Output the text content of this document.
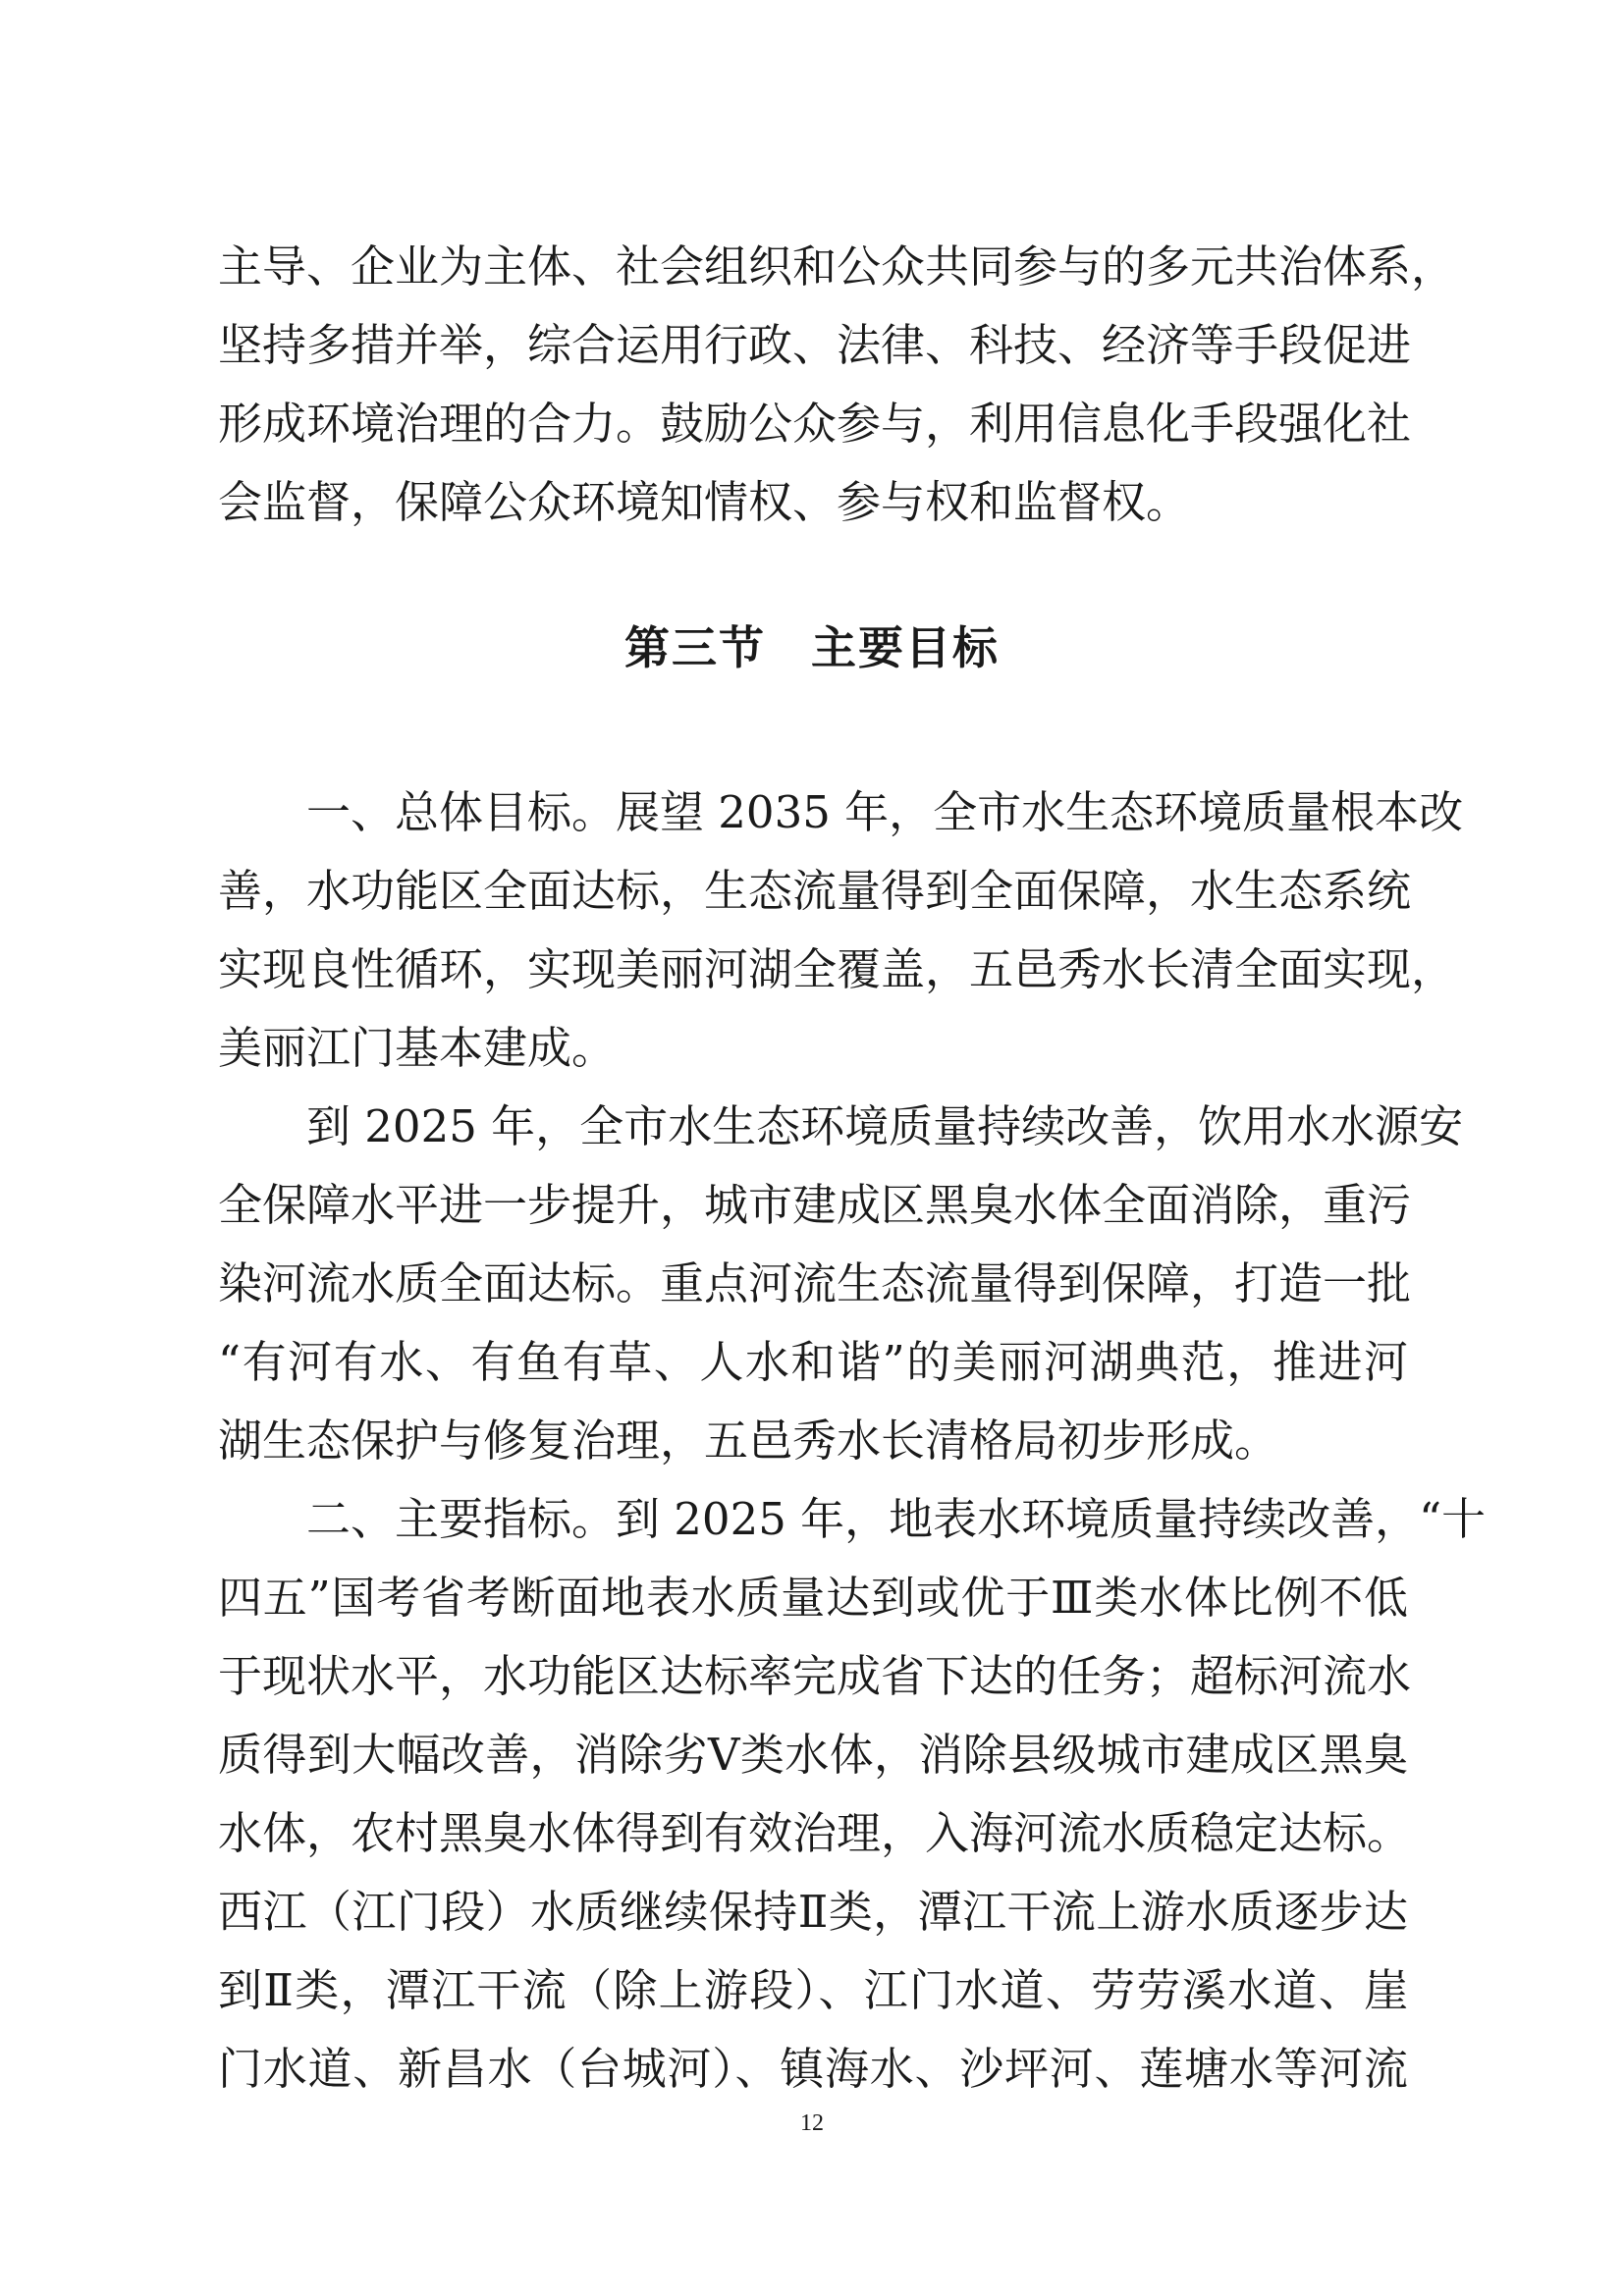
主导、企业为主体、社会组织和公众共同参与的多元共治体系，
坚持多措并举，综合运用行政、法律、科技、经济等手段促进
形成环境治理的合力。鼓励公众参与，利用信息化手段强化社
会监督，保障公众环境知情权、参与权和监督权。
第三节 主要目标
一、总体目标。展望 2035 年，全市水生态环境质量根本改
善，水功能区全面达标，生态流量得到全面保障，水生态系统
实现良性循环，实现美丽河湖全覆盖，五邑秀水长清全面实现，
美丽江门基本建成。
到 2025 年，全市水生态环境质量持续改善，饮用水水源安
全保障水平进一步提升，城市建成区黑臭水体全面消除，重污
染河流水质全面达标。重点河流生态流量得到保障，打造一批
“有河有水、有鱼有草、人水和谐”的美丽河湖典范，推进河
湖生态保护与修复治理，五邑秀水长清格局初步形成。
二、主要指标。到 2025 年，地表水环境质量持续改善，“十
四五”国考省考断面地表水质量达到或优于Ⅲ类水体比例不低
于现状水平，水功能区达标率完成省下达的任务；超标河流水
质得到大幅改善，消除劣Ⅴ类水体，消除县级城市建成区黑臭
水体，农村黑臭水体得到有效治理，入海河流水质稳定达标。
西江（江门段）水质继续保持Ⅱ类，潭江干流上游水质逐步达
到Ⅱ类，潭江干流（除上游段）、江门水道、劳劳溪水道、崖
门水道、新昌水（台城河）、镇海水、沙坪河、莲塘水等河流
12
